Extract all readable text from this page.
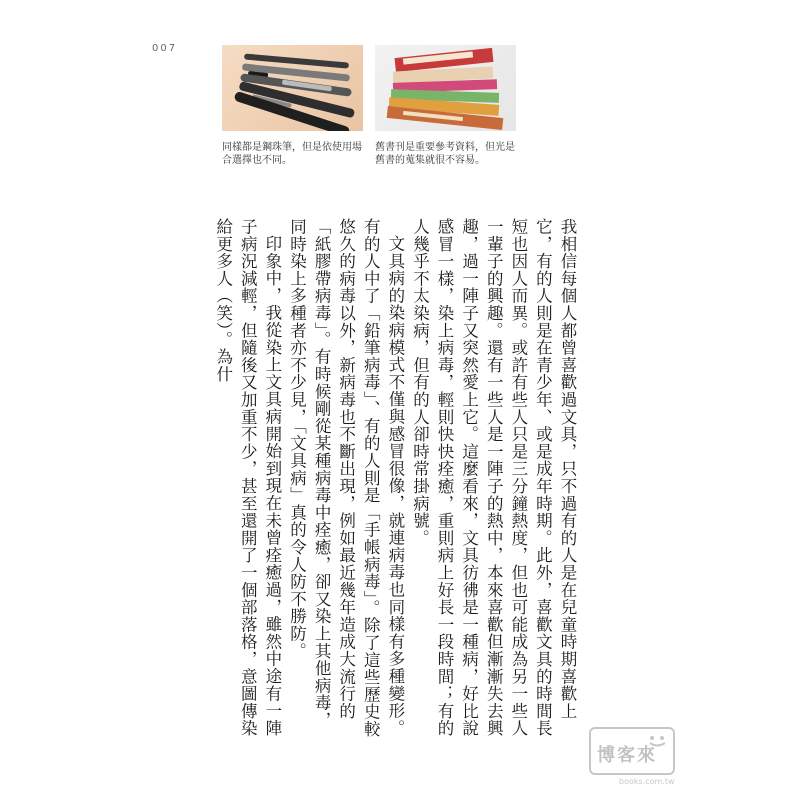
007
同樣都是鋼珠筆，但是依使用場合選擇也不同。
舊書刊是重要參考資料，但光是舊書的蒐集就很不容易。

我相信每個人都曾喜歡過文具，只不過有的人是在兒童時期喜歡上它，有的人則是在青少年、或是成年時期。此外，喜歡文具的時間長短也因人而異。或許有些人只是三分鐘熱度，但也可能成為另一些人一輩子的興趣。還有一些人是一陣子的熱中，本來喜歡但漸漸失去興趣，過一陣子又突然愛上它。這麼看來，文具彷彿是一種病，好比說感冒一樣，染上病毒，輕則快快痊癒，重則病上好長一段時間；有的人幾乎不太染病，但有的人卻時常掛病號。

文具病的染病模式不僅與感冒很像，就連病毒也同樣有多種變形。有的人中了「鉛筆病毒」、有的人則是「手帳病毒」。除了這些歷史較悠久的病毒以外，新病毒也不斷出現，例如最近幾年造成大流行的「紙膠帶病毒」。有時候剛從某種病毒中痊癒，卻又染上其他病毒，同時染上多種者亦不少見，「文具病」真的令人防不勝防。

印象中，我從染上文具病開始到現在未曾痊癒過，雖然中途有一陣子病況減輕，但隨後又加重不少，甚至還開了一個部落格，意圖傳染給更多人（笑）。為什

博客來
books.com.tw
